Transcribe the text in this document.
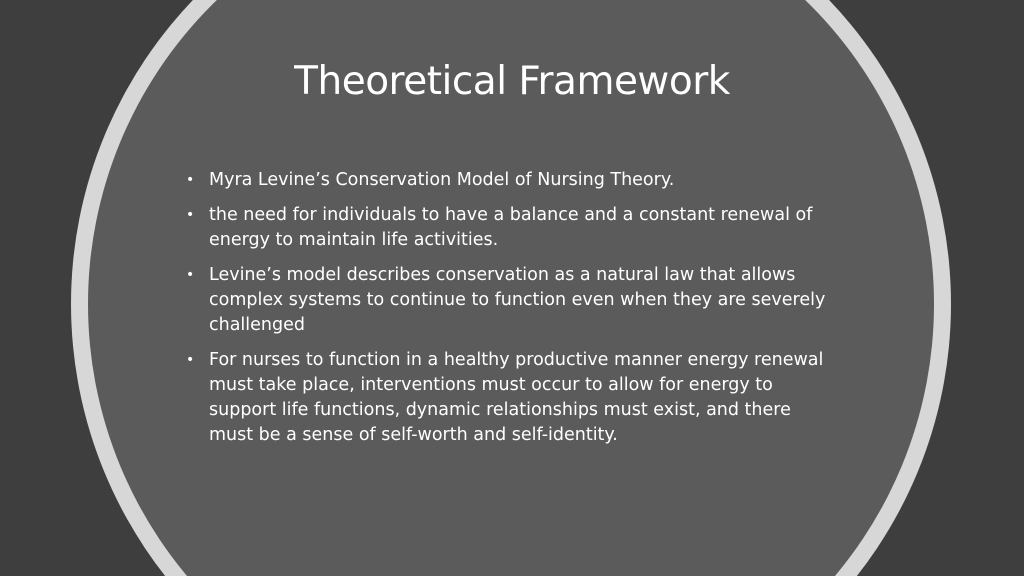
Theoretical Framework
• Myra Levine’s Conservation Model of Nursing Theory.
• the need for individuals to have a balance and a constant renewal of energy to maintain life activities.
• Levine’s model describes conservation as a natural law that allows complex systems to continue to function even when they are severely challenged
• For nurses to function in a healthy productive manner energy renewal must take place, interventions must occur to allow for energy to support life functions, dynamic relationships must exist, and there must be a sense of self-worth and self-identity.
